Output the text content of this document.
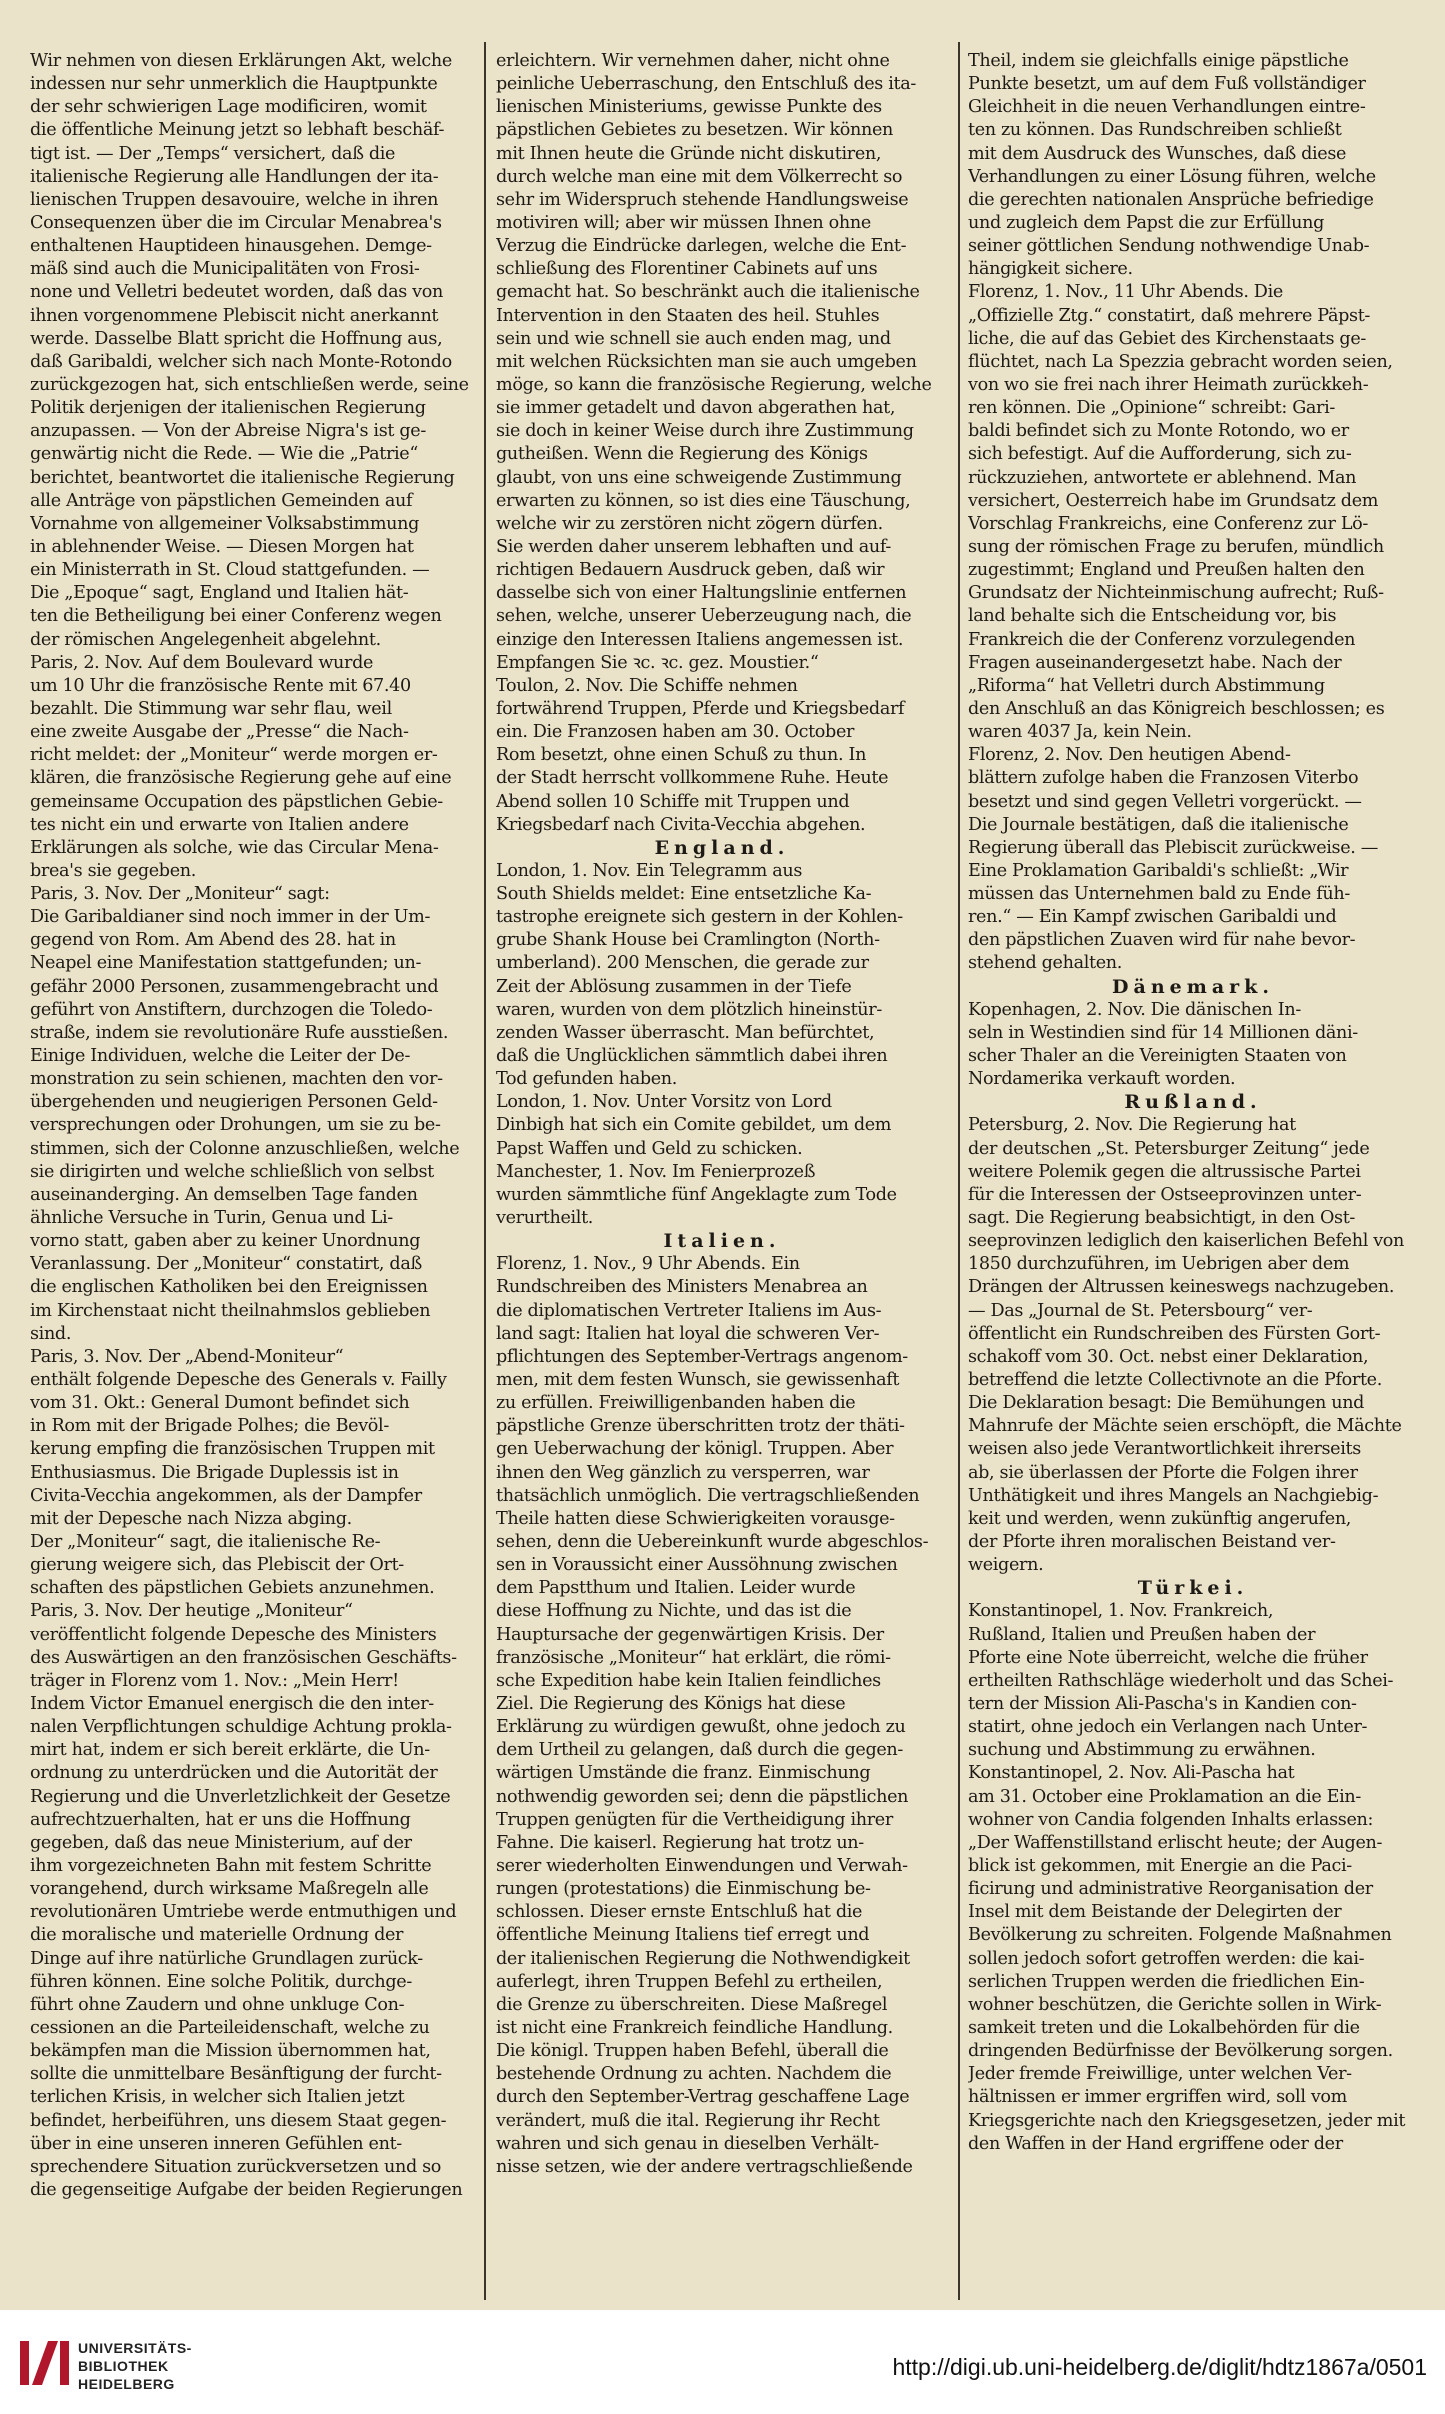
Wir nehmen von diesen Erklärungen Akt, welche
indessen nur sehr unmerklich die Hauptpunkte
der sehr schwierigen Lage modificiren, womit
die öffentliche Meinung jetzt so lebhaft beschäf-
tigt ist. — Der „Temps“ versichert, daß die
italienische Regierung alle Handlungen der ita-
lienischen Truppen desavouire, welche in ihren
Consequenzen über die im Circular Menabrea's
enthaltenen Hauptideen hinausgehen. Demge-
mäß sind auch die Municipalitäten von Frosi-
none und Velletri bedeutet worden, daß das von
ihnen vorgenommene Plebiscit nicht anerkannt
werde. Dasselbe Blatt spricht die Hoffnung aus,
daß Garibaldi, welcher sich nach Monte-Rotondo
zurückgezogen hat, sich entschließen werde, seine
Politik derjenigen der italienischen Regierung
anzupassen. — Von der Abreise Nigra's ist ge-
genwärtig nicht die Rede. — Wie die „Patrie“
berichtet, beantwortet die italienische Regierung
alle Anträge von päpstlichen Gemeinden auf
Vornahme von allgemeiner Volksabstimmung
in ablehnender Weise. — Diesen Morgen hat
ein Ministerrath in St. Cloud stattgefunden. —
Die „Epoque“ sagt, England und Italien hät-
ten die Betheiligung bei einer Conferenz wegen
der römischen Angelegenheit abgelehnt.
Paris, 2. Nov. Auf dem Boulevard wurde
um 10 Uhr die französische Rente mit 67.40
bezahlt. Die Stimmung war sehr flau, weil
eine zweite Ausgabe der „Presse“ die Nach-
richt meldet: der „Moniteur“ werde morgen er-
klären, die französische Regierung gehe auf eine
gemeinsame Occupation des päpstlichen Gebie-
tes nicht ein und erwarte von Italien andere
Erklärungen als solche, wie das Circular Mena-
brea's sie gegeben.
Paris, 3. Nov. Der „Moniteur“ sagt:
Die Garibaldianer sind noch immer in der Um-
gegend von Rom. Am Abend des 28. hat in
Neapel eine Manifestation stattgefunden; un-
gefähr 2000 Personen, zusammengebracht und
geführt von Anstiftern, durchzogen die Toledo-
straße, indem sie revolutionäre Rufe ausstießen.
Einige Individuen, welche die Leiter der De-
monstration zu sein schienen, machten den vor-
übergehenden und neugierigen Personen Geld-
versprechungen oder Drohungen, um sie zu be-
stimmen, sich der Colonne anzuschließen, welche
sie dirigirten und welche schließlich von selbst
auseinanderging. An demselben Tage fanden
ähnliche Versuche in Turin, Genua und Li-
vorno statt, gaben aber zu keiner Unordnung
Veranlassung. Der „Moniteur“ constatirt, daß
die englischen Katholiken bei den Ereignissen
im Kirchenstaat nicht theilnahmslos geblieben
sind.
Paris, 3. Nov. Der „Abend-Moniteur“
enthält folgende Depesche des Generals v. Failly
vom 31. Okt.: General Dumont befindet sich
in Rom mit der Brigade Polhes; die Bevöl-
kerung empfing die französischen Truppen mit
Enthusiasmus. Die Brigade Duplessis ist in
Civita-Vecchia angekommen, als der Dampfer
mit der Depesche nach Nizza abging.
Der „Moniteur“ sagt, die italienische Re-
gierung weigere sich, das Plebiscit der Ort-
schaften des päpstlichen Gebiets anzunehmen.
Paris, 3. Nov. Der heutige „Moniteur“
veröffentlicht folgende Depesche des Ministers
des Auswärtigen an den französischen Geschäfts-
träger in Florenz vom 1. Nov.: „Mein Herr!
Indem Victor Emanuel energisch die den inter-
nalen Verpflichtungen schuldige Achtung prokla-
mirt hat, indem er sich bereit erklärte, die Un-
ordnung zu unterdrücken und die Autorität der
Regierung und die Unverletzlichkeit der Gesetze
aufrechtzuerhalten, hat er uns die Hoffnung
gegeben, daß das neue Ministerium, auf der
ihm vorgezeichneten Bahn mit festem Schritte
vorangehend, durch wirksame Maßregeln alle
revolutionären Umtriebe werde entmuthigen und
die moralische und materielle Ordnung der
Dinge auf ihre natürliche Grundlagen zurück-
führen können. Eine solche Politik, durchge-
führt ohne Zaudern und ohne unkluge Con-
cessionen an die Parteileidenschaft, welche zu
bekämpfen man die Mission übernommen hat,
sollte die unmittelbare Besänftigung der furcht-
terlichen Krisis, in welcher sich Italien jetzt
befindet, herbeiführen, uns diesem Staat gegen-
über in eine unseren inneren Gefühlen ent-
sprechendere Situation zurückversetzen und so
die gegenseitige Aufgabe der beiden Regierungen
erleichtern. Wir vernehmen daher, nicht ohne
peinliche Ueberraschung, den Entschluß des ita-
lienischen Ministeriums, gewisse Punkte des
päpstlichen Gebietes zu besetzen. Wir können
mit Ihnen heute die Gründe nicht diskutiren,
durch welche man eine mit dem Völkerrecht so
sehr im Widerspruch stehende Handlungsweise
motiviren will; aber wir müssen Ihnen ohne
Verzug die Eindrücke darlegen, welche die Ent-
schließung des Florentiner Cabinets auf uns
gemacht hat. So beschränkt auch die italienische
Intervention in den Staaten des heil. Stuhles
sein und wie schnell sie auch enden mag, und
mit welchen Rücksichten man sie auch umgeben
möge, so kann die französische Regierung, welche
sie immer getadelt und davon abgerathen hat,
sie doch in keiner Weise durch ihre Zustimmung
gutheißen. Wenn die Regierung des Königs
glaubt, von uns eine schweigende Zustimmung
erwarten zu können, so ist dies eine Täuschung,
welche wir zu zerstören nicht zögern dürfen.
Sie werden daher unserem lebhaften und auf-
richtigen Bedauern Ausdruck geben, daß wir
dasselbe sich von einer Haltungslinie entfernen
sehen, welche, unserer Ueberzeugung nach, die
einzige den Interessen Italiens angemessen ist.
Empfangen Sie ꝛc. ꝛc. gez. Moustier.“
Toulon, 2. Nov. Die Schiffe nehmen
fortwährend Truppen, Pferde und Kriegsbedarf
ein. Die Franzosen haben am 30. October
Rom besetzt, ohne einen Schuß zu thun. In
der Stadt herrscht vollkommene Ruhe. Heute
Abend sollen 10 Schiffe mit Truppen und
Kriegsbedarf nach Civita-Vecchia abgehen.
England.
London, 1. Nov. Ein Telegramm aus
South Shields meldet: Eine entsetzliche Ka-
tastrophe ereignete sich gestern in der Kohlen-
grube Shank House bei Cramlington (North-
umberland). 200 Menschen, die gerade zur
Zeit der Ablösung zusammen in der Tiefe
waren, wurden von dem plötzlich hineinstür-
zenden Wasser überrascht. Man befürchtet,
daß die Unglücklichen sämmtlich dabei ihren
Tod gefunden haben.
London, 1. Nov. Unter Vorsitz von Lord
Dinbigh hat sich ein Comite gebildet, um dem
Papst Waffen und Geld zu schicken.
Manchester, 1. Nov. Im Fenierprozeß
wurden sämmtliche fünf Angeklagte zum Tode
verurtheilt.
Italien.
Florenz, 1. Nov., 9 Uhr Abends. Ein
Rundschreiben des Ministers Menabrea an
die diplomatischen Vertreter Italiens im Aus-
land sagt: Italien hat loyal die schweren Ver-
pflichtungen des September-Vertrags angenom-
men, mit dem festen Wunsch, sie gewissenhaft
zu erfüllen. Freiwilligenbanden haben die
päpstliche Grenze überschritten trotz der thäti-
gen Ueberwachung der königl. Truppen. Aber
ihnen den Weg gänzlich zu versperren, war
thatsächlich unmöglich. Die vertragschließenden
Theile hatten diese Schwierigkeiten vorausge-
sehen, denn die Uebereinkunft wurde abgeschlos-
sen in Voraussicht einer Aussöhnung zwischen
dem Papstthum und Italien. Leider wurde
diese Hoffnung zu Nichte, und das ist die
Hauptursache der gegenwärtigen Krisis. Der
französische „Moniteur“ hat erklärt, die römi-
sche Expedition habe kein Italien feindliches
Ziel. Die Regierung des Königs hat diese
Erklärung zu würdigen gewußt, ohne jedoch zu
dem Urtheil zu gelangen, daß durch die gegen-
wärtigen Umstände die franz. Einmischung
nothwendig geworden sei; denn die päpstlichen
Truppen genügten für die Vertheidigung ihrer
Fahne. Die kaiserl. Regierung hat trotz un-
serer wiederholten Einwendungen und Verwah-
rungen (protestations) die Einmischung be-
schlossen. Dieser ernste Entschluß hat die
öffentliche Meinung Italiens tief erregt und
der italienischen Regierung die Nothwendigkeit
auferlegt, ihren Truppen Befehl zu ertheilen,
die Grenze zu überschreiten. Diese Maßregel
ist nicht eine Frankreich feindliche Handlung.
Die königl. Truppen haben Befehl, überall die
bestehende Ordnung zu achten. Nachdem die
durch den September-Vertrag geschaffene Lage
verändert, muß die ital. Regierung ihr Recht
wahren und sich genau in dieselben Verhält-
nisse setzen, wie der andere vertragschließende
Theil, indem sie gleichfalls einige päpstliche
Punkte besetzt, um auf dem Fuß vollständiger
Gleichheit in die neuen Verhandlungen eintre-
ten zu können. Das Rundschreiben schließt
mit dem Ausdruck des Wunsches, daß diese
Verhandlungen zu einer Lösung führen, welche
die gerechten nationalen Ansprüche befriedige
und zugleich dem Papst die zur Erfüllung
seiner göttlichen Sendung nothwendige Unab-
hängigkeit sichere.
Florenz, 1. Nov., 11 Uhr Abends. Die
„Offizielle Ztg.“ constatirt, daß mehrere Päpst-
liche, die auf das Gebiet des Kirchenstaats ge-
flüchtet, nach La Spezzia gebracht worden seien,
von wo sie frei nach ihrer Heimath zurückkeh-
ren können. Die „Opinione“ schreibt: Gari-
baldi befindet sich zu Monte Rotondo, wo er
sich befestigt. Auf die Aufforderung, sich zu-
rückzuziehen, antwortete er ablehnend. Man
versichert, Oesterreich habe im Grundsatz dem
Vorschlag Frankreichs, eine Conferenz zur Lö-
sung der römischen Frage zu berufen, mündlich
zugestimmt; England und Preußen halten den
Grundsatz der Nichteinmischung aufrecht; Ruß-
land behalte sich die Entscheidung vor, bis
Frankreich die der Conferenz vorzulegenden
Fragen auseinandergesetzt habe. Nach der
„Riforma“ hat Velletri durch Abstimmung
den Anschluß an das Königreich beschlossen; es
waren 4037 Ja, kein Nein.
Florenz, 2. Nov. Den heutigen Abend-
blättern zufolge haben die Franzosen Viterbo
besetzt und sind gegen Velletri vorgerückt. —
Die Journale bestätigen, daß die italienische
Regierung überall das Plebiscit zurückweise. —
Eine Proklamation Garibaldi's schließt: „Wir
müssen das Unternehmen bald zu Ende füh-
ren.“ — Ein Kampf zwischen Garibaldi und
den päpstlichen Zuaven wird für nahe bevor-
stehend gehalten.
Dänemark.
Kopenhagen, 2. Nov. Die dänischen In-
seln in Westindien sind für 14 Millionen däni-
scher Thaler an die Vereinigten Staaten von
Nordamerika verkauft worden.
Rußland.
Petersburg, 2. Nov. Die Regierung hat
der deutschen „St. Petersburger Zeitung“ jede
weitere Polemik gegen die altrussische Partei
für die Interessen der Ostseeprovinzen unter-
sagt. Die Regierung beabsichtigt, in den Ost-
seeprovinzen lediglich den kaiserlichen Befehl von
1850 durchzuführen, im Uebrigen aber dem
Drängen der Altrussen keineswegs nachzugeben.
— Das „Journal de St. Petersbourg“ ver-
öffentlicht ein Rundschreiben des Fürsten Gort-
schakoff vom 30. Oct. nebst einer Deklaration,
betreffend die letzte Collectivnote an die Pforte.
Die Deklaration besagt: Die Bemühungen und
Mahnrufe der Mächte seien erschöpft, die Mächte
weisen also jede Verantwortlichkeit ihrerseits
ab, sie überlassen der Pforte die Folgen ihrer
Unthätigkeit und ihres Mangels an Nachgiebig-
keit und werden, wenn zukünftig angerufen,
der Pforte ihren moralischen Beistand ver-
weigern.
Türkei.
Konstantinopel, 1. Nov. Frankreich,
Rußland, Italien und Preußen haben der
Pforte eine Note überreicht, welche die früher
ertheilten Rathschläge wiederholt und das Schei-
tern der Mission Ali-Pascha's in Kandien con-
statirt, ohne jedoch ein Verlangen nach Unter-
suchung und Abstimmung zu erwähnen.
Konstantinopel, 2. Nov. Ali-Pascha hat
am 31. October eine Proklamation an die Ein-
wohner von Candia folgenden Inhalts erlassen:
„Der Waffenstillstand erlischt heute; der Augen-
blick ist gekommen, mit Energie an die Paci-
ficirung und administrative Reorganisation der
Insel mit dem Beistande der Delegirten der
Bevölkerung zu schreiten. Folgende Maßnahmen
sollen jedoch sofort getroffen werden: die kai-
serlichen Truppen werden die friedlichen Ein-
wohner beschützen, die Gerichte sollen in Wirk-
samkeit treten und die Lokalbehörden für die
dringenden Bedürfnisse der Bevölkerung sorgen.
Jeder fremde Freiwillige, unter welchen Ver-
hältnissen er immer ergriffen wird, soll vom
Kriegsgerichte nach den Kriegsgesetzen, jeder mit
den Waffen in der Hand ergriffene oder der
UNIVERSITÄTS-
BIBLIOTHEK
HEIDELBERG
http://digi.ub.uni-heidelberg.de/diglit/hdtz1867a/0501
